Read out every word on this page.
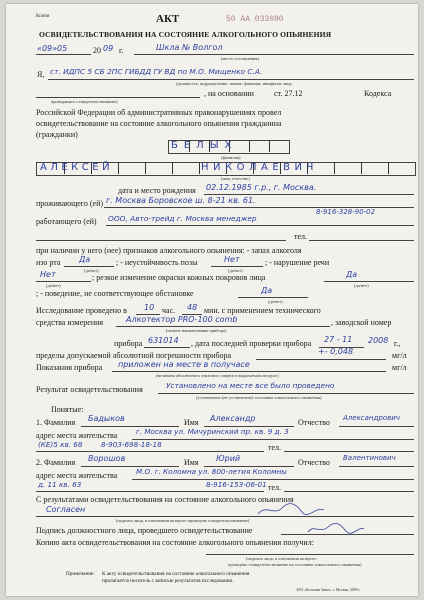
Копия	АКТ	50 АА 033090
ОСВИДЕТЕЛЬСТВОВАНИЯ НА СОСТОЯНИЕ АЛКОГОЛЬНОГО ОПЬЯНЕНИЯ
«09»05	20 09 г.	Шкла № Волгол
(место составления)
Я, ст. ИДПС 5 СБ 2ПС ГИБДД ГУ ВД по М.О. Мищенко С.А.
(должность, подразделение, звание, фамилия, инициалы лица,
, на основании	ст. 27.12	Кодекса
проводящего освидетельствование)
Российской Федерации об административных правонарушениях провел
освидетельствование на состояние алкогольного опьянения гражданина
(гражданки)
БЕЛЫХ
(фамилия)
АЛЕКСЕЙ	НИКОЛАЕВИЧ
(имя, отчество)
дата и место рождения 02.12.1985 г.р., г. Москва.
проживающего (ей) г. Москва Боровское ш. 8-21 кв. 61.
8-916-328-90-02
работающего (ей) ООО, Авто-трейд г. Москва менеджер
тел.
при наличии у него (нее) признаков алкогольного опьянения: - запах алкоголя
изо рта Да	; - неустойчивость позы	Нет	; - нарушение речи
(да/нет)	(да/нет)
Нет	; резкое изменение окраски кожных покровов лица	Да
(да/нет)	(да/нет)
; - поведение, не соответствующее обстановке	Да
(да/нет)
Исследование проведено в 10 час. 48 мин. с применением технического
средства измерения	Алкотектор PRO-100 comb	, заводской номер
(полное наименование прибора)
прибора 631014 , дата последней проверки прибора 27 - 11 2008 г.,
пределы допускаемой абсолютной погрешности прибора	+- 0,048	мг/л
Показания прибора приложен на месте в получасе	мг/л
(величина абсолютного этилового спирта в выдыхаемом воздухе)
Результат освидетельствования	Установлено на месте все было проведено
(установлено (не установлено) состояние алкогольного опьянения)
Понятые:
1. Фамилия Бадыков	Имя Александр	Отчество Александрович
адрес места жительства	г. Москва ул. Мичуринский пр. кв. 9 д. 3
(КЕ)5 кв. 68	8-903-698-18-18	тел.
2. Фамилия Ворошов	Имя Юрий	Отчество Валентинович
адрес места жительства	М.О. г. Коломна ул. 800-летия Коломны
д. 11 кв. 63	8-916-153-06-01 тел.
С результатами освидетельствования на состояние алкогольного опьянения
Согласен
(подпись лица, в отношении которого проведено освидетельствование)
Подпись должностного лица, проведшего освидетельствование
Копию акта освидетельствования на состояние алкогольного опьянения получил:
(подпись лица, в отношении которого
проведено освидетельствование на состояние алкогольного опьянения)
Примечание: К акту освидетельствования на состояние алкогольного опьянения
прилагается носитель с записью результатов исследования.
ЗАО «Большая Зима», г. Москва, 2009 г.
